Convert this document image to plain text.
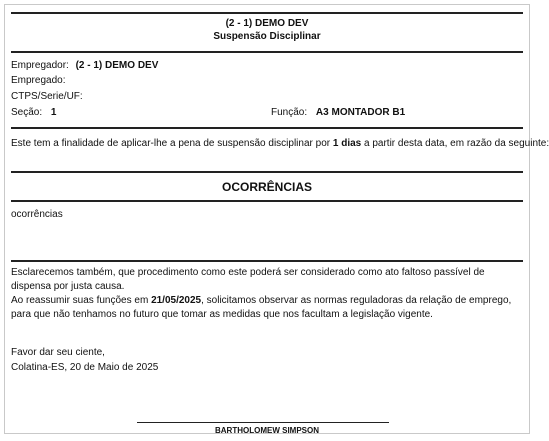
(2 - 1) DEMO DEV
Suspensão Disciplinar
Empregador: (2 - 1) DEMO DEV
Empregado:
CTPS/Serie/UF:
Seção: 1	Função: A3 MONTADOR B1
Este tem a finalidade de aplicar-lhe a pena de suspensão disciplinar por 1 dias a partir desta data, em razão da seguinte:
OCORRÊNCIAS
ocorrências
Esclarecemos também, que procedimento como este poderá ser considerado como ato faltoso passível de dispensa por justa causa.
Ao reassumir suas funções em 21/05/2025, solicitamos observar as normas reguladoras da relação de emprego, para que não tenhamos no futuro que tomar as medidas que nos facultam a legislação vigente.
Favor dar seu ciente,
Colatina-ES, 20 de Maio de 2025
BARTHOLOMEW SIMPSON
